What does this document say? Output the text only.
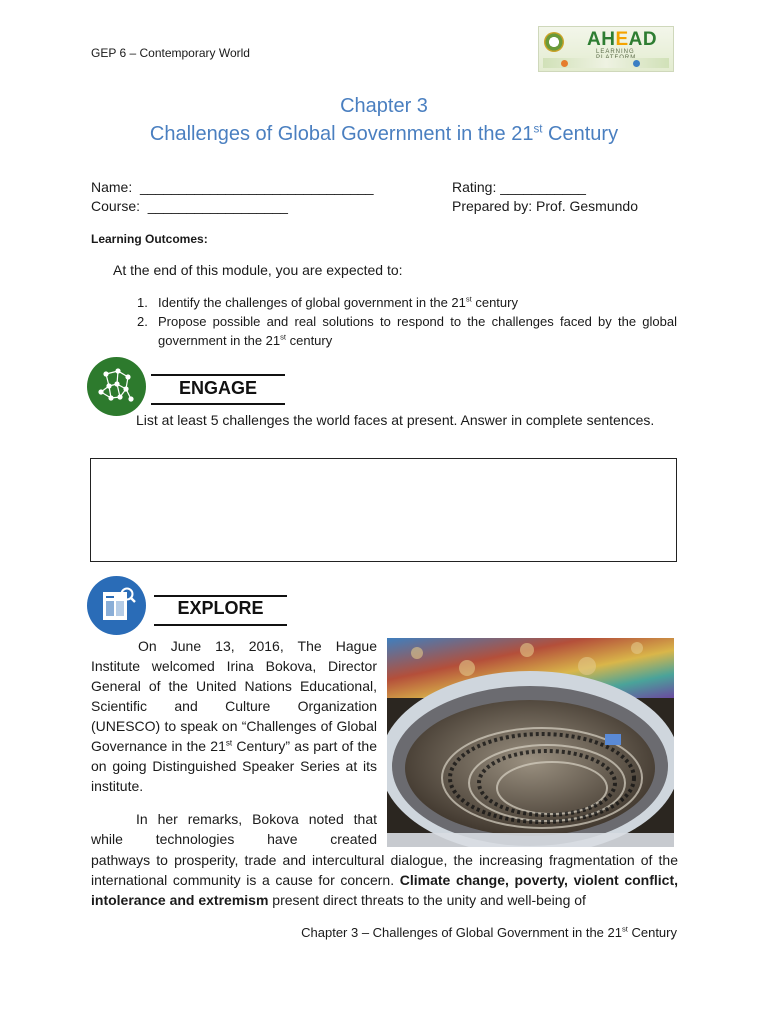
GEP 6 – Contemporary World
AHEAD
LEARNING
Chapter 3
Challenges of Global Government in the 21st Century
Name:  ______________________________
Course:  __________________
Rating: ___________
Prepared by: Prof. Gesmundo
Learning Outcomes:
At the end of this module, you are expected to:
1. Identify the challenges of global government in the 21st century
2. Propose possible and real solutions to respond to the challenges faced by the global government in the 21st century
ENGAGE
List at least 5 challenges the world faces at present. Answer in complete sentences.
EXPLORE
On June 13, 2016, The Hague Institute welcomed Irina Bokova, Director General of the United Nations Educational, Scientific and Culture Organization (UNESCO) to speak on “Challenges of Global Governance in the 21st Century” as part of the on going Distinguished Speaker Series at its institute.
In her remarks, Bokova noted that while technologies have created
pathways to prosperity, trade and intercultural dialogue, the increasing fragmentation of the international community is a cause for concern. Climate change, poverty, violent conflict, intolerance and extremism present direct threats to the unity and well-being of
Chapter 3 – Challenges of Global Government in the 21st Century
